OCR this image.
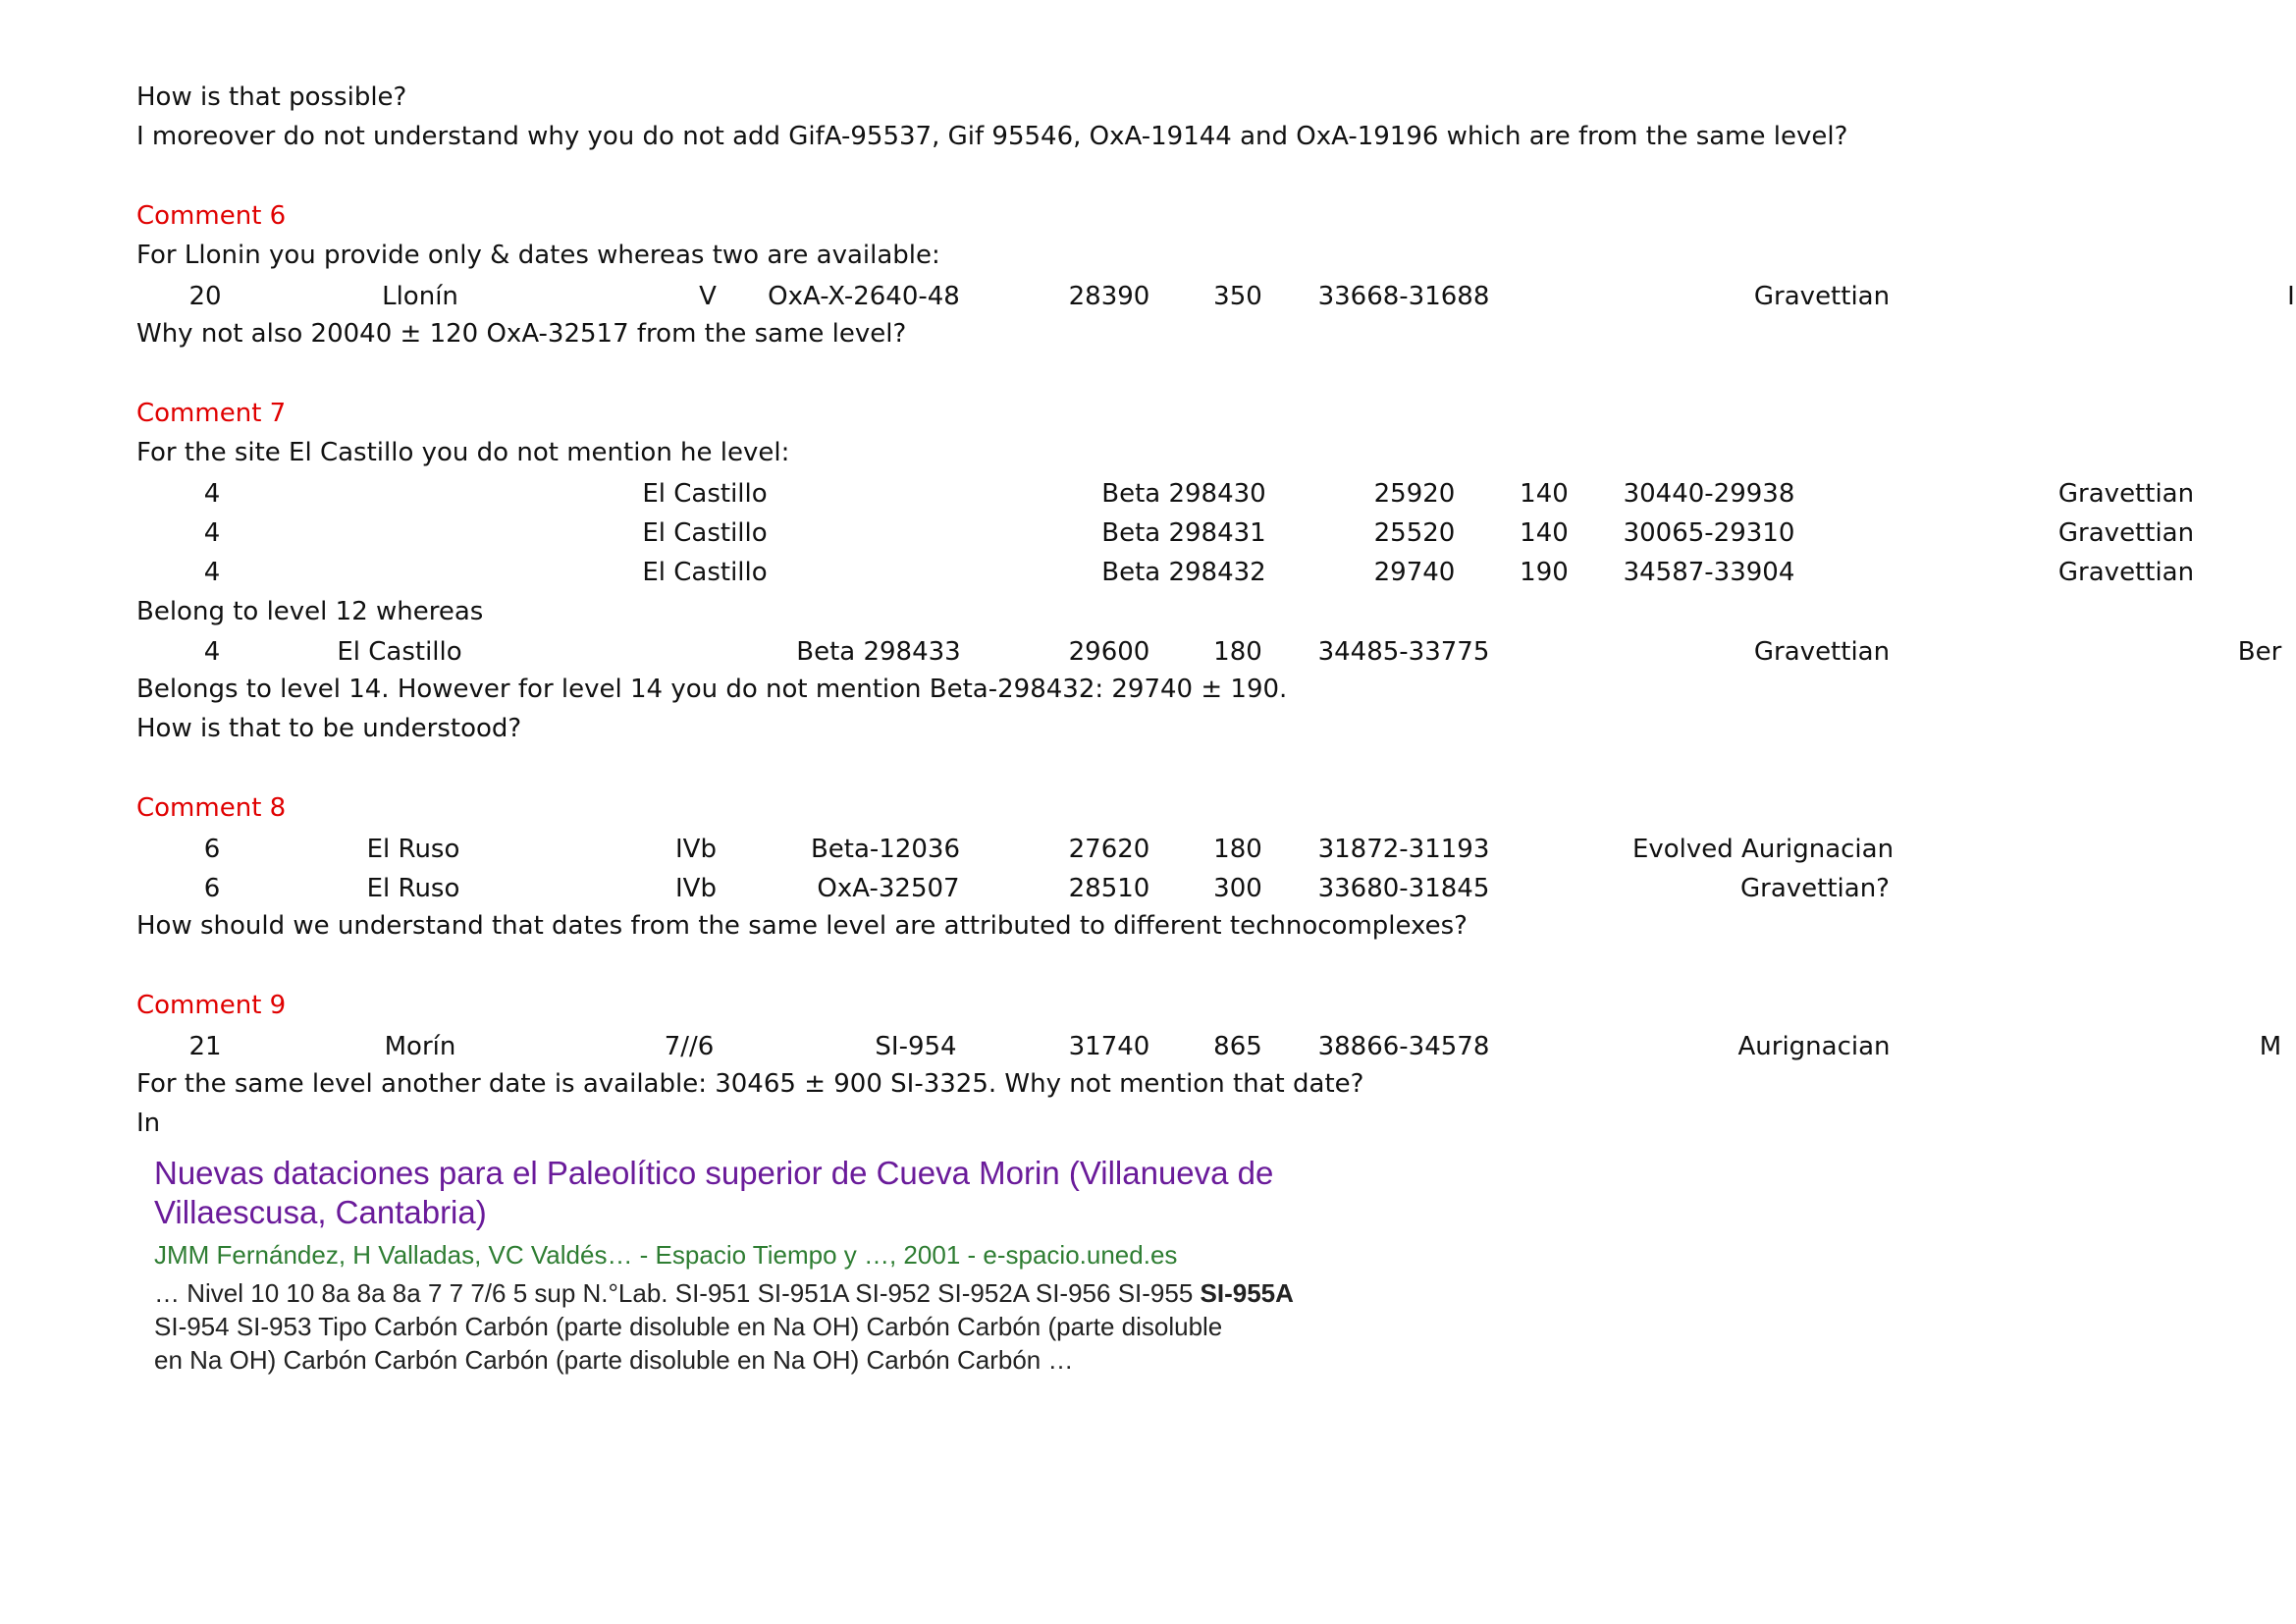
How is that possible?
I moreover do not understand why you do not add GifA-95537, Gif 95546, OxA-19144 and OxA-19196 which are from the same level?
Comment 6
For Llonin you provide only & dates whereas two are available:
20	Llonín	V OxA-X-2640-48	28390 350 33668-31688	Gravettian	I
Why not also 20040 ± 120 OxA-32517 from the same level?
Comment 7
For the site El Castillo you do not mention he level:
4	El Castillo	Beta 298430	25920	140 30440-29938	Gravettian
4	El Castillo	Beta 298431	25520	140 30065-29310	Gravettian
4	El Castillo	Beta 298432	29740	190 34587-33904	Gravettian
Belong to level 12 whereas
4	El Castillo	Beta 298433	29600 180 34485-33775	Gravettian	Ber
Belongs to level 14. However for level 14 you do not mention Beta-298432: 29740 ± 190.
How is that to be understood?
Comment 8
6	El Ruso	IVb	Beta-12036	27620 180 31872-31193	Evolved Aurignacian
6	El Ruso	IVb	OxA-32507	28510 300 33680-31845	Gravettian?
How should we understand that dates from the same level are attributed to different technocomplexes?
Comment 9
21	Morín	7//6	SI-954	31740 865 38866-34578	Aurignacian	M
For the same level another date is available: 30465 ± 900 SI-3325. Why not mention that date?
In
Nuevas dataciones para el Paleolítico superior de Cueva Morin (Villanueva de
Villaescusa, Cantabria)
JMM Fernández, H Valladas, VC Valdés… - Espacio Tiempo y …, 2001 - e-spacio.uned.es
… Nivel 10 10 8a 8a 8a 7 7 7/6 5 sup N.°Lab. SI-951 SI-951A SI-952 SI-952A SI-956 SI-955 SI-955A
SI-954 SI-953 Tipo Carbón Carbón (parte disoluble en Na OH) Carbón Carbón (parte disoluble
en Na OH) Carbón Carbón Carbón (parte disoluble en Na OH) Carbón Carbón …
